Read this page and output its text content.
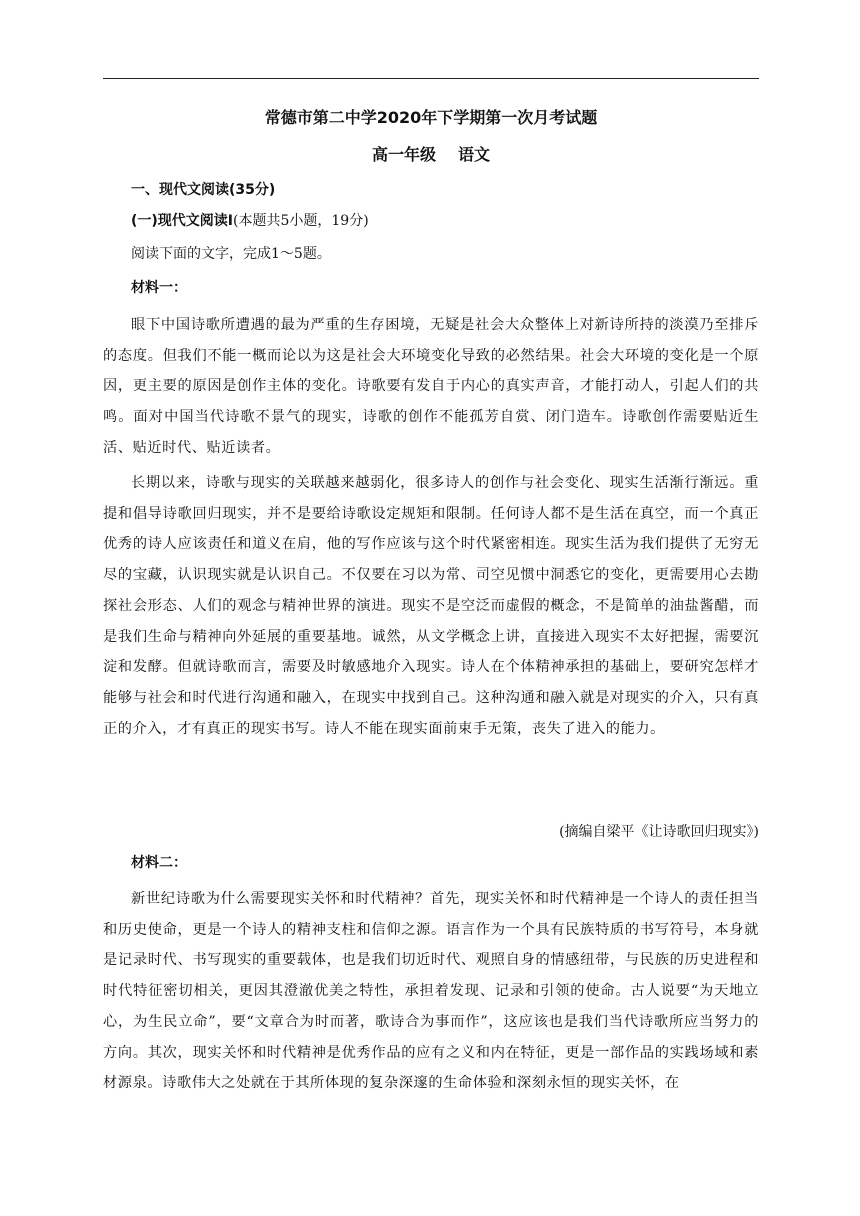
常德市第二中学2020年下学期第一次月考试题
高一年级 语文
一、现代文阅读(35分)
(一)现代文阅读Ⅰ(本题共5小题，19分)
阅读下面的文字，完成1～5题。
材料一：
眼下中国诗歌所遭遇的最为严重的生存困境，无疑是社会大众整体上对新诗所持的淡漠乃至排斥的态度。但我们不能一概而论以为这是社会大环境变化导致的必然结果。社会大环境的变化是一个原因，更主要的原因是创作主体的变化。诗歌要有发自于内心的真实声音，才能打动人，引起人们的共鸣。面对中国当代诗歌不景气的现实，诗歌的创作不能孤芳自赏、闭门造车。诗歌创作需要贴近生活、贴近时代、贴近读者。
长期以来，诗歌与现实的关联越来越弱化，很多诗人的创作与社会变化、现实生活渐行渐远。重提和倡导诗歌回归现实，并不是要给诗歌设定规矩和限制。任何诗人都不是生活在真空，而一个真正优秀的诗人应该责任和道义在肩，他的写作应该与这个时代紧密相连。现实生活为我们提供了无穷无尽的宝藏，认识现实就是认识自己。不仅要在习以为常、司空见惯中洞悉它的变化，更需要用心去勘探社会形态、人们的观念与精神世界的演进。现实不是空泛而虚假的概念，不是简单的油盐酱醋，而是我们生命与精神向外延展的重要基地。诚然，从文学概念上讲，直接进入现实不太好把握，需要沉淀和发酵。但就诗歌而言，需要及时敏感地介入现实。诗人在个体精神承担的基础上，要研究怎样才能够与社会和时代进行沟通和融入，在现实中找到自己。这种沟通和融入就是对现实的介入，只有真正的介入，才有真正的现实书写。诗人不能在现实面前束手无策，丧失了进入的能力。
(摘编自梁平《让诗歌回归现实》)
材料二：
新世纪诗歌为什么需要现实关怀和时代精神？首先，现实关怀和时代精神是一个诗人的责任担当和历史使命，更是一个诗人的精神支柱和信仰之源。语言作为一个具有民族特质的书写符号，本身就是记录时代、书写现实的重要载体，也是我们切近时代、观照自身的情感纽带，与民族的历史进程和时代特征密切相关，更因其澄澈优美之特性，承担着发现、记录和引领的使命。古人说要“为天地立心，为生民立命”，要“文章合为时而著，歌诗合为事而作”，这应该也是我们当代诗歌所应当努力的方向。其次，现实关怀和时代精神是优秀作品的应有之义和内在特征，更是一部作品的实践场域和素材源泉。诗歌伟大之处就在于其所体现的复杂深邃的生命体验和深刻永恒的现实关怀，在
